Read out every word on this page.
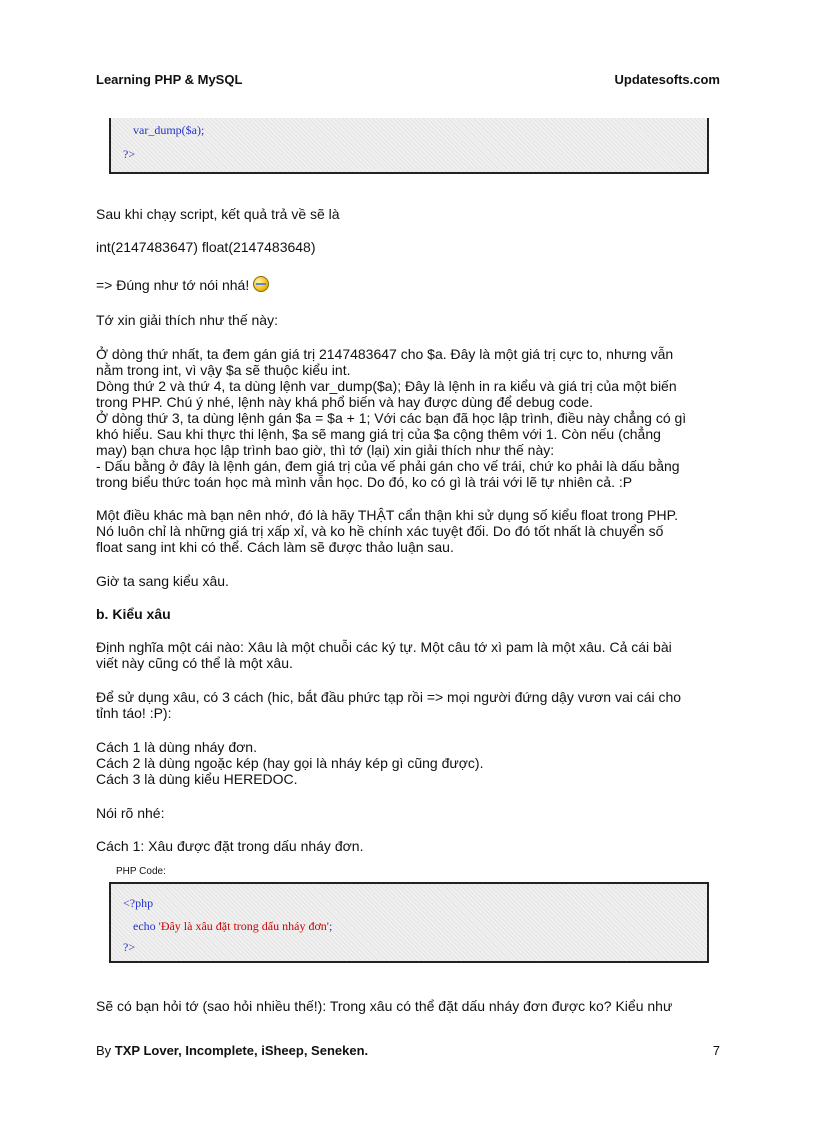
Learning PHP & MySQL	Updatesofts.com
var_dump($a);
?>
Sau khi chạy script, kết quả trả về sẽ là
int(2147483647) float(2147483648)
=> Đúng như tớ nói nhá!
Tớ xin giải thích như thế này:
Ở dòng thứ nhất, ta đem gán giá trị 2147483647 cho $a. Đây là một giá trị cực to, nhưng vẫn
nằm trong int, vì vậy $a sẽ thuộc kiểu int.
Dòng thứ 2 và thứ 4, ta dùng lệnh var_dump($a); Đây là lệnh in ra kiểu và giá trị của một biến
trong PHP. Chú ý nhé, lệnh này khá phổ biến và hay được dùng để debug code.
Ở dòng thứ 3, ta dùng lệnh gán $a = $a + 1; Với các bạn đã học lập trình, điều này chẳng có gì
khó hiểu. Sau khi thực thi lệnh, $a sẽ mang giá trị của $a cộng thêm với 1. Còn nếu (chẳng
may) bạn chưa học lập trình bao giờ, thì tớ (lại) xin giải thích như thế này:
- Dấu bằng ở đây là lệnh gán, đem giá trị của vế phải gán cho vế trái, chứ ko phải là dấu bằng
trong biểu thức toán học mà mình vẫn học. Do đó, ko có gì là trái với lẽ tự nhiên cả. :P
Một điều khác mà bạn nên nhớ, đó là hãy THẬT cẩn thận khi sử dụng số kiểu float trong PHP.
Nó luôn chỉ là những giá trị xấp xỉ, và ko hề chính xác tuyệt đối. Do đó tốt nhất là chuyển số
float sang int khi có thể. Cách làm sẽ được thảo luận sau.
Giờ ta sang kiểu xâu.
b. Kiểu xâu
Định nghĩa một cái nào: Xâu là một chuỗi các ký tự. Một câu tớ xì pam là một xâu. Cả cái bài
viết này cũng có thể là một xâu.
Để sử dụng xâu, có 3 cách (hic, bắt đầu phức tạp rồi => mọi người đứng dậy vươn vai cái cho
tỉnh táo! :P):
Cách 1 là dùng nháy đơn.
Cách 2 là dùng ngoặc kép (hay gọi là nháy kép gì cũng được).
Cách 3 là dùng kiểu HEREDOC.
Nói rõ nhé:
Cách 1: Xâu được đặt trong dấu nháy đơn.
PHP Code:
<?php
echo 'Đây là xâu đặt trong dấu nháy đơn';
?>
Sẽ có bạn hỏi tớ (sao hỏi nhiều thế!): Trong xâu có thể đặt dấu nháy đơn được ko? Kiểu như
By TXP Lover, Incomplete, iSheep, Seneken.	7
